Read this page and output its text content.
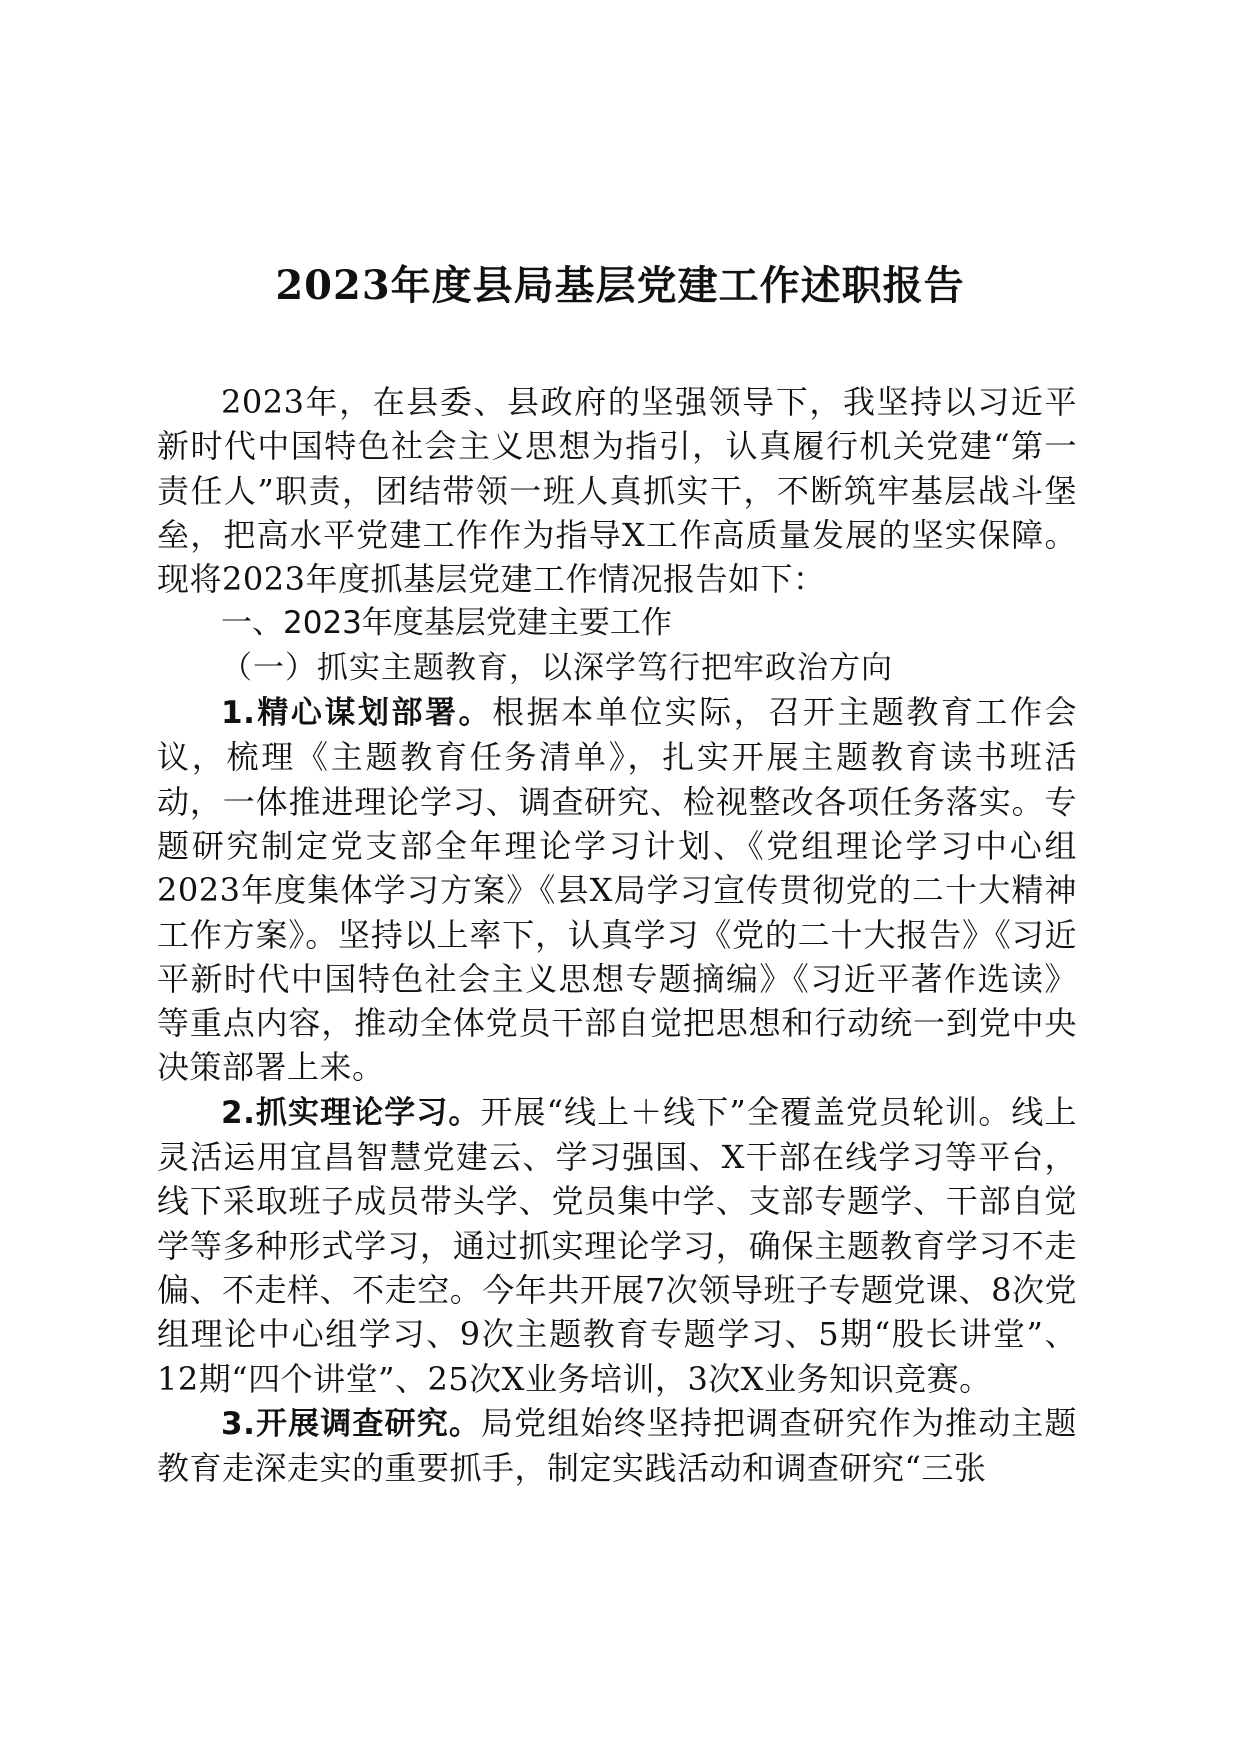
2023年度县局基层党建工作述职报告

2023年，在县委、县政府的坚强领导下，我坚持以习近平新时代中国特色社会主义思想为指引，认真履行机关党建“第一责任人”职责，团结带领一班人真抓实干，不断筑牢基层战斗堡垒，把高水平党建工作作为指导X工作高质量发展的坚实保障。现将2023年度抓基层党建工作情况报告如下：

一、2023年度基层党建主要工作

（一）抓实主题教育，以深学笃行把牢政治方向

1.精心谋划部署。根据本单位实际，召开主题教育工作会议，梳理《主题教育任务清单》，扎实开展主题教育读书班活动，一体推进理论学习、调查研究、检视整改各项任务落实。专题研究制定党支部全年理论学习计划、《党组理论学习中心组2023年度集体学习方案》《县X局学习宣传贯彻党的二十大精神工作方案》。坚持以上率下，认真学习《党的二十大报告》《习近平新时代中国特色社会主义思想专题摘编》《习近平著作选读》等重点内容，推动全体党员干部自觉把思想和行动统一到党中央决策部署上来。

2.抓实理论学习。开展“线上＋线下”全覆盖党员轮训。线上灵活运用宜昌智慧党建云、学习强国、X干部在线学习等平台，线下采取班子成员带头学、党员集中学、支部专题学、干部自觉学等多种形式学习，通过抓实理论学习，确保主题教育学习不走偏、不走样、不走空。今年共开展7次领导班子专题党课、8次党组理论中心组学习、9次主题教育专题学习、5期“股长讲堂”、12期“四个讲堂”、25次X业务培训，3次X业务知识竞赛。

3.开展调查研究。局党组始终坚持把调查研究作为推动主题教育走深走实的重要抓手，制定实践活动和调查研究“三张
